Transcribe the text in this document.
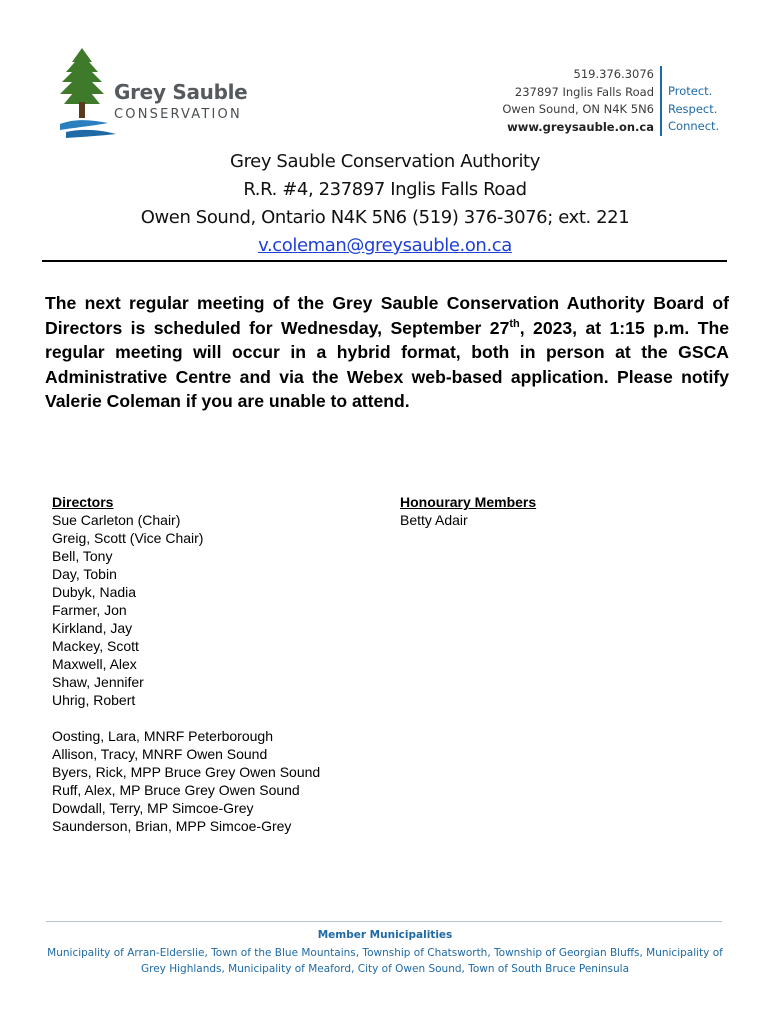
Grey Sauble
CONSERVATION
519.376.3076
237897 Inglis Falls Road
Owen Sound, ON N4K 5N6
www.greysauble.on.ca
Protect.
Respect.
Connect.
Grey Sauble Conservation Authority
R.R. #4, 237897 Inglis Falls Road
Owen Sound, Ontario N4K 5N6 (519) 376-3076; ext. 221
v.coleman@greysauble.on.ca
The next regular meeting of the Grey Sauble Conservation Authority Board of Directors is scheduled for Wednesday, September 27th, 2023, at 1:15 p.m. The regular meeting will occur in a hybrid format, both in person at the GSCA Administrative Centre and via the Webex web-based application. Please notify Valerie Coleman if you are unable to attend.
Directors
Sue Carleton (Chair)
Greig, Scott (Vice Chair)
Bell, Tony
Day, Tobin
Dubyk, Nadia
Farmer, Jon
Kirkland, Jay
Mackey, Scott
Maxwell, Alex
Shaw, Jennifer
Uhrig, Robert
Oosting, Lara, MNRF Peterborough
Allison, Tracy, MNRF Owen Sound
Byers, Rick, MPP Bruce Grey Owen Sound
Ruff, Alex, MP Bruce Grey Owen Sound
Dowdall, Terry, MP Simcoe-Grey
Saunderson, Brian, MPP Simcoe-Grey
Honourary Members
Betty Adair
Member Municipalities
Municipality of Arran-Elderslie, Town of the Blue Mountains, Township of Chatsworth, Township of Georgian Bluffs, Municipality of Grey Highlands, Municipality of Meaford, City of Owen Sound, Town of South Bruce Peninsula
